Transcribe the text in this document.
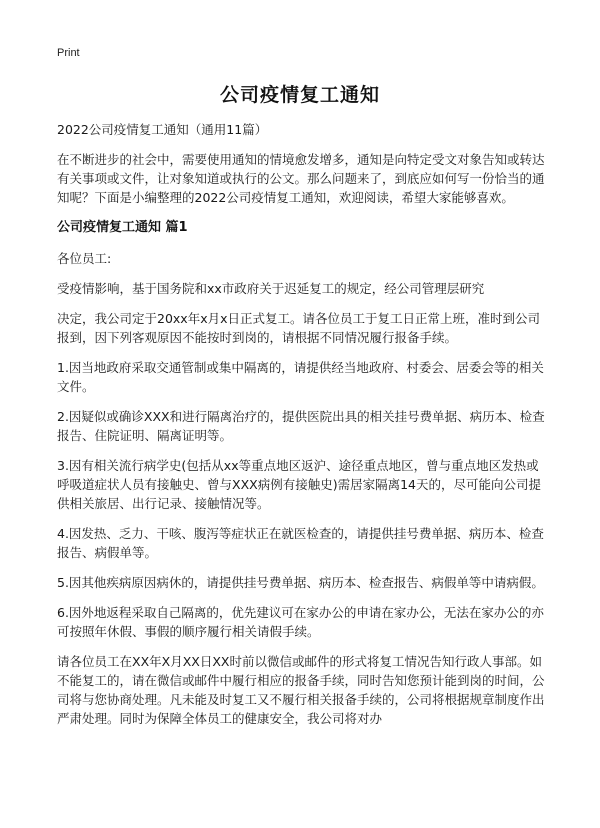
Print
公司疫情复工通知

2022公司疫情复工通知（通用11篇）

在不断进步的社会中，需要使用通知的情境愈发增多，通知是向特定受文对象告知或转达有关事项或文件，让对象知道或执行的公文。那么问题来了，到底应如何写一份恰当的通知呢？下面是小编整理的2022公司疫情复工通知，欢迎阅读，希望大家能够喜欢。

公司疫情复工通知 篇1

各位员工:

受疫情影响，基于国务院和xx市政府关于迟延复工的规定，经公司管理层研究

决定，我公司定于20xx年x月x日正式复工。请各位员工于复工日正常上班，准时到公司报到，因下列客观原因不能按时到岗的，请根据不同情况履行报备手续。

1.因当地政府采取交通管制或集中隔离的，请提供经当地政府、村委会、居委会等的相关文件。

2.因疑似或确诊XXX和进行隔离治疗的，提供医院出具的相关挂号费单据、病历本、检查报告、住院证明、隔离证明等。

3.因有相关流行病学史(包括从xx等重点地区返沪、途径重点地区，曾与重点地区发热或呼吸道症状人员有接触史、曾与XXX病例有接触史)需居家隔离14天的，尽可能向公司提供相关旅居、出行记录、接触情况等。

4.因发热、乏力、干咳、腹泻等症状正在就医检查的，请提供挂号费单据、病历本、检查报告、病假单等。

5.因其他疾病原因病休的，请提供挂号费单据、病历本、检查报告、病假单等中请病假。

6.因外地返程采取自己隔离的，优先建议可在家办公的申请在家办公，无法在家办公的亦可按照年休假、事假的顺序履行相关请假手续。

请各位员工在XX年X月XX日XX时前以微信或邮件的形式将复工情况告知行政人事部。如不能复工的，请在微信或邮件中履行相应的报备手续，同时告知您预计能到岗的时间，公司将与您协商处理。凡未能及时复工又不履行相关报备手续的，公司将根据规章制度作出严肃处理。同时为保障全体员工的健康安全，我公司将对办
